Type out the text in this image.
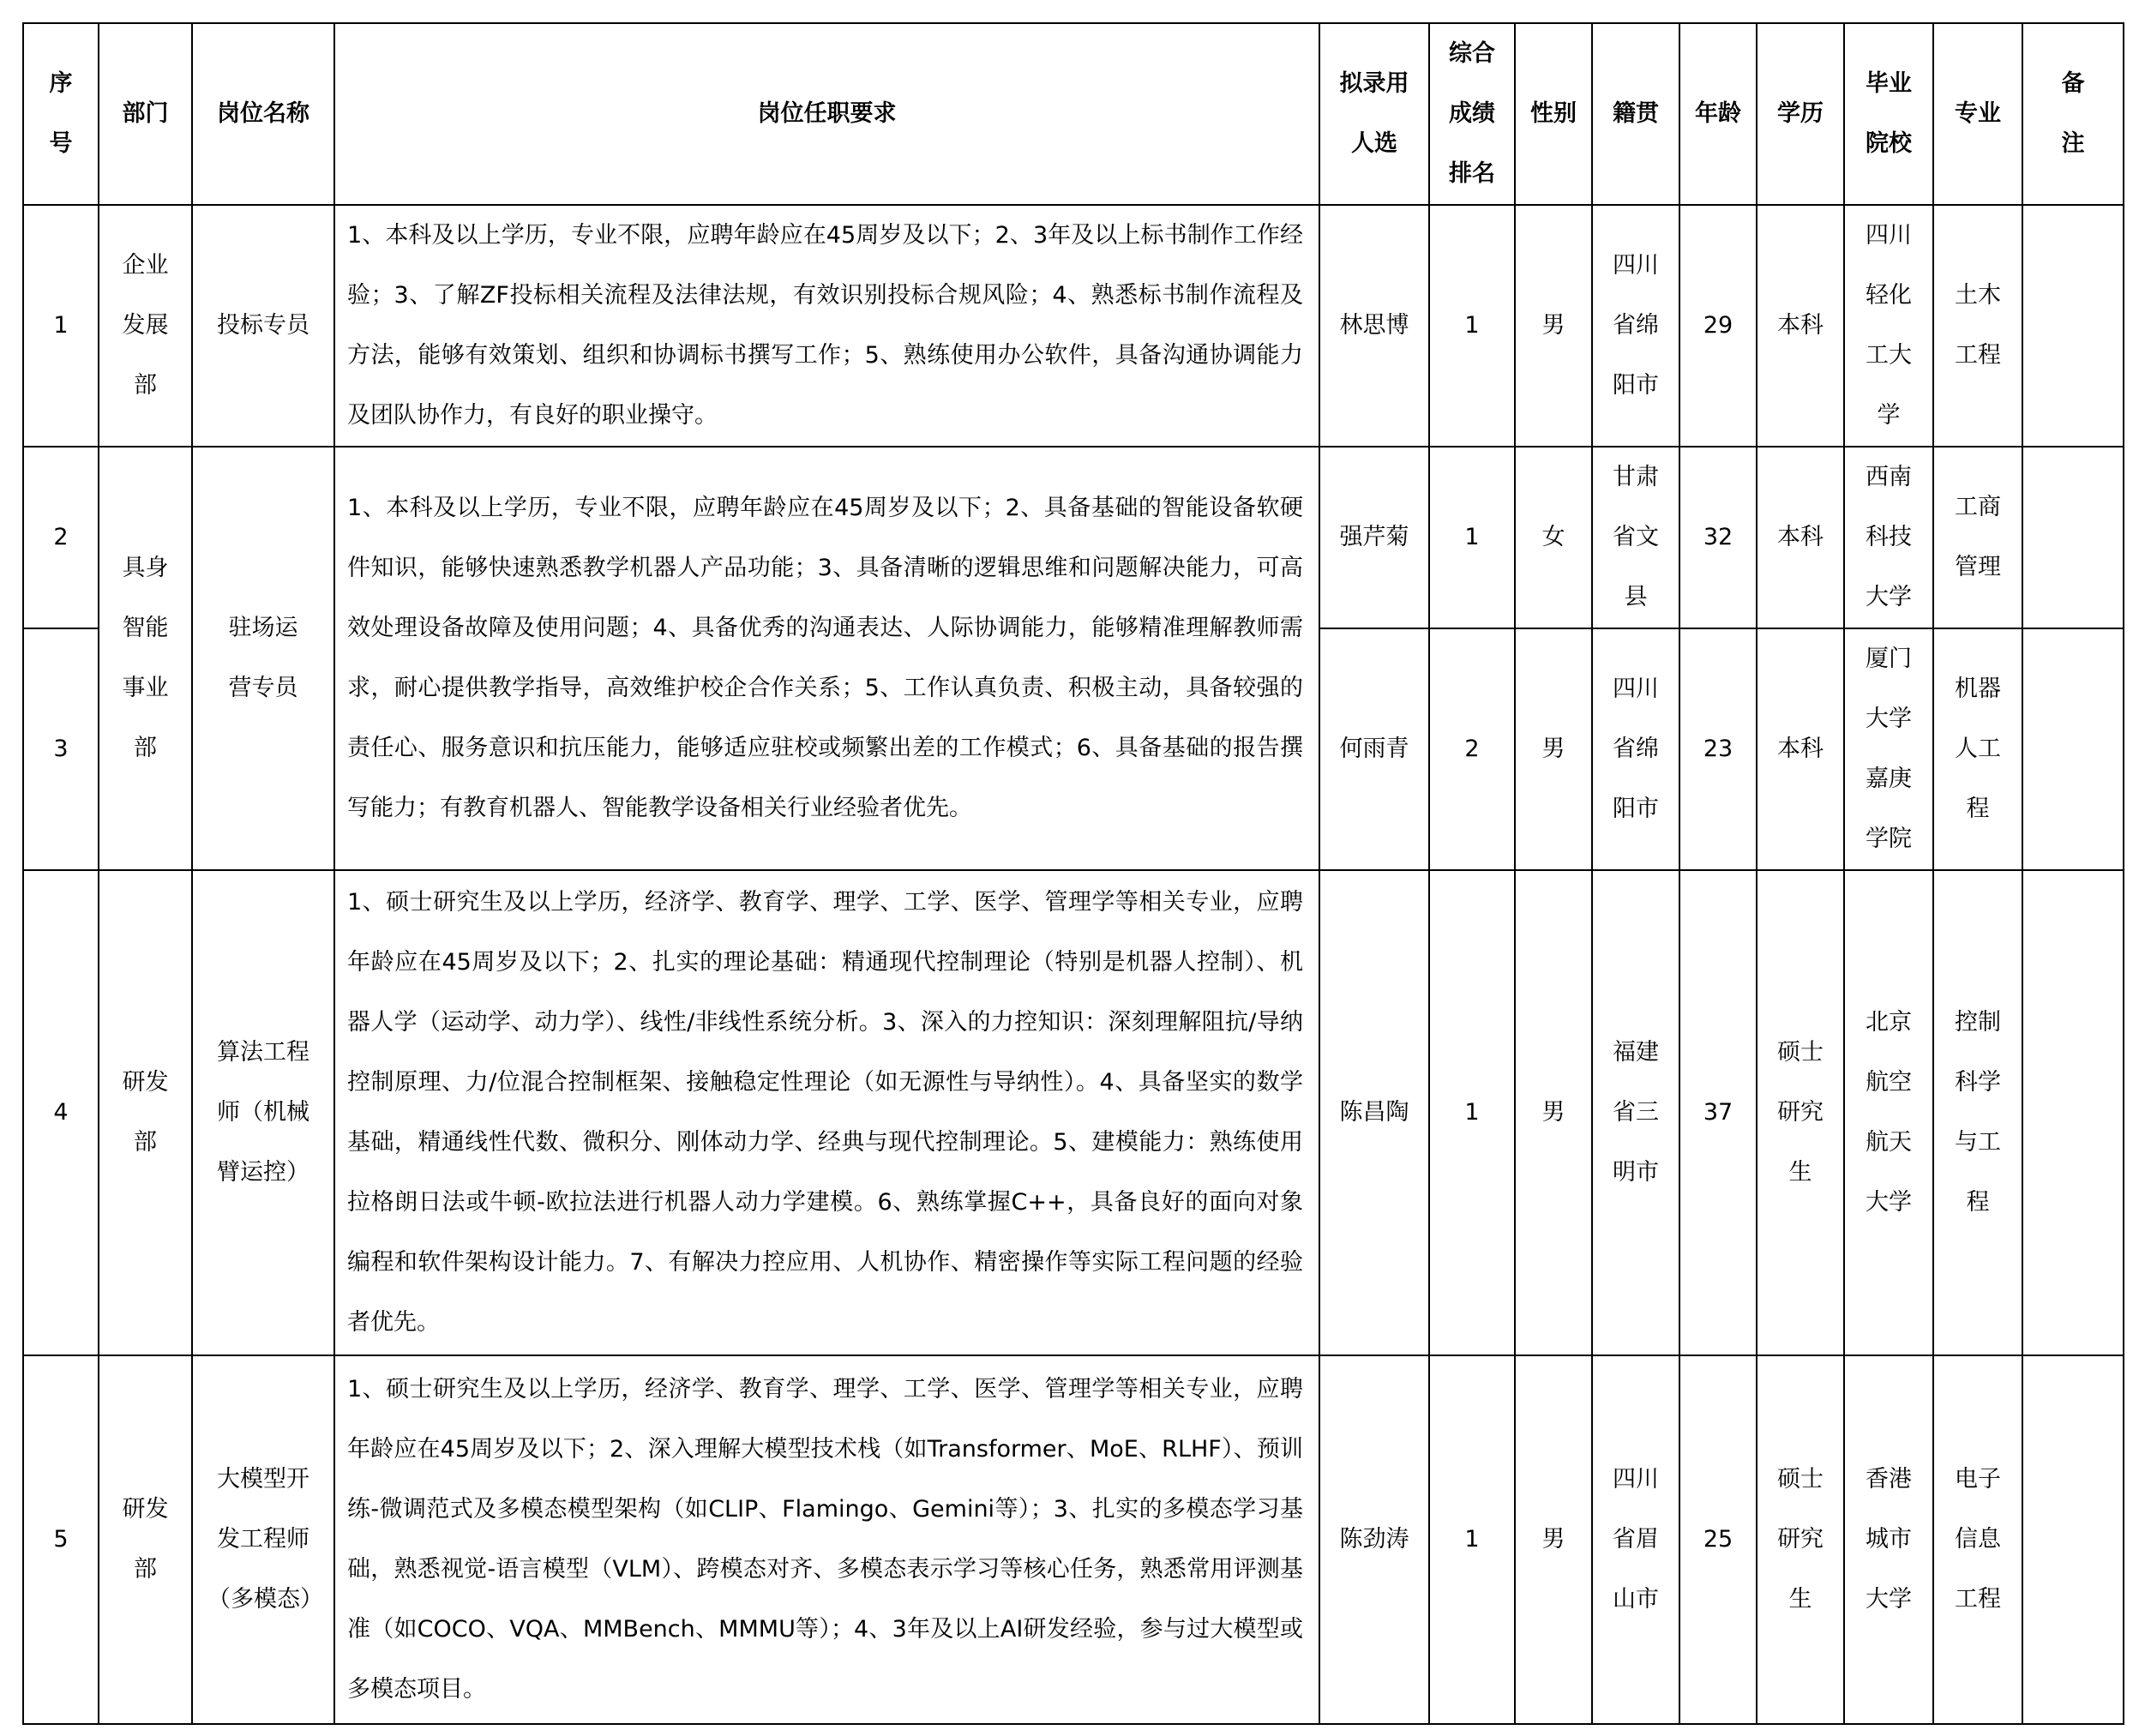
序号	部门	岗位名称	岗位任职要求	拟录用人选	综合成绩排名	性别	籍贯	年龄	学历	毕业院校	专业	备注

1	企业发展部	投标专员	1、本科及以上学历，专业不限，应聘年龄应在45周岁及以下；2、3年及以上标书制作工作经验；3、了解ZF投标相关流程及法律法规，有效识别投标合规风险；4、熟悉标书制作流程及方法，能够有效策划、组织和协调标书撰写工作；5、熟练使用办公软件，具备沟通协调能力及团队协作力，有良好的职业操守。	林思博	1	男	四川省绵阳市	29	本科	四川轻化工大学	土木工程	

2	具身智能事业部	驻场运营专员	1、本科及以上学历，专业不限，应聘年龄应在45周岁及以下；2、具备基础的智能设备软硬件知识，能够快速熟悉教学机器人产品功能；3、具备清晰的逻辑思维和问题解决能力，可高效处理设备故障及使用问题；4、具备优秀的沟通表达、人际协调能力，能够精准理解教师需求，耐心提供教学指导，高效维护校企合作关系；5、工作认真负责、积极主动，具备较强的责任心、服务意识和抗压能力，能够适应驻校或频繁出差的工作模式；6、具备基础的报告撰写能力；有教育机器人、智能教学设备相关行业经验者优先。	强芹菊	1	女	甘肃省文县	32	本科	西南科技大学	工商管理	

3				何雨青	2	男	四川省绵阳市	23	本科	厦门大学嘉庚学院	机器人工程	

4	研发部	算法工程师（机械臂运控）	1、硕士研究生及以上学历，经济学、教育学、理学、工学、医学、管理学等相关专业，应聘年龄应在45周岁及以下；2、扎实的理论基础：精通现代控制理论（特别是机器人控制）、机器人学（运动学、动力学）、线性/非线性系统分析。3、深入的力控知识：深刻理解阻抗/导纳控制原理、力/位混合控制框架、接触稳定性理论（如无源性与导纳性）。4、具备坚实的数学基础，精通线性代数、微积分、刚体动力学、经典与现代控制理论。5、建模能力：熟练使用拉格朗日法或牛顿-欧拉法进行机器人动力学建模。6、熟练掌握C++，具备良好的面向对象编程和软件架构设计能力。7、有解决力控应用、人机协作、精密操作等实际工程问题的经验者优先。	陈昌陶	1	男	福建省三明市	37	硕士研究生	北京航空航天大学	控制科学与工程	

5	研发部	大模型开发工程师（多模态）	1、硕士研究生及以上学历，经济学、教育学、理学、工学、医学、管理学等相关专业，应聘年龄应在45周岁及以下；2、深入理解大模型技术栈（如Transformer、MoE、RLHF）、预训练-微调范式及多模态模型架构（如CLIP、Flamingo、Gemini等）；3、扎实的多模态学习基础，熟悉视觉-语言模型（VLM）、跨模态对齐、多模态表示学习等核心任务，熟悉常用评测基准（如COCO、VQA、MMBench、MMMU等）；4、3年及以上AI研发经验，参与过大模型或多模态项目。	陈劲涛	1	男	四川省眉山市	25	硕士研究生	香港城市大学	电子信息工程	
